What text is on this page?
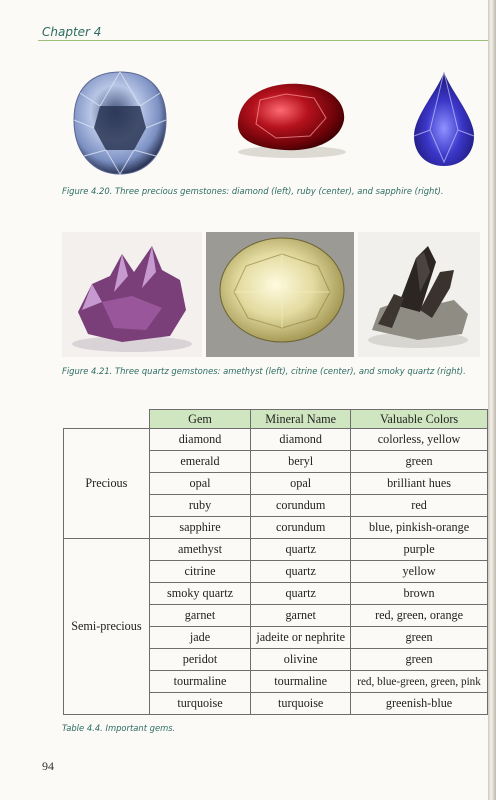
Chapter 4
Figure 4.20. Three precious gemstones: diamond (left), ruby (center), and sapphire (right).
Figure 4.21. Three quartz gemstones: amethyst (left), citrine (center), and smoky quartz (right).
	Gem	Mineral Name	Valuable Colors
Precious	diamond	diamond	colorless, yellow
	emerald	beryl	green
	opal	opal	brilliant hues
	ruby	corundum	red
	sapphire	corundum	blue, pinkish-orange
Semi-precious	amethyst	quartz	purple
	citrine	quartz	yellow
	smoky quartz	quartz	brown
	garnet	garnet	red, green, orange
	jade	jadeite or nephrite	green
	peridot	olivine	green
	tourmaline	tourmaline	red, blue-green, green, pink
	turquoise	turquoise	greenish-blue
Table 4.4. Important gems.
94
